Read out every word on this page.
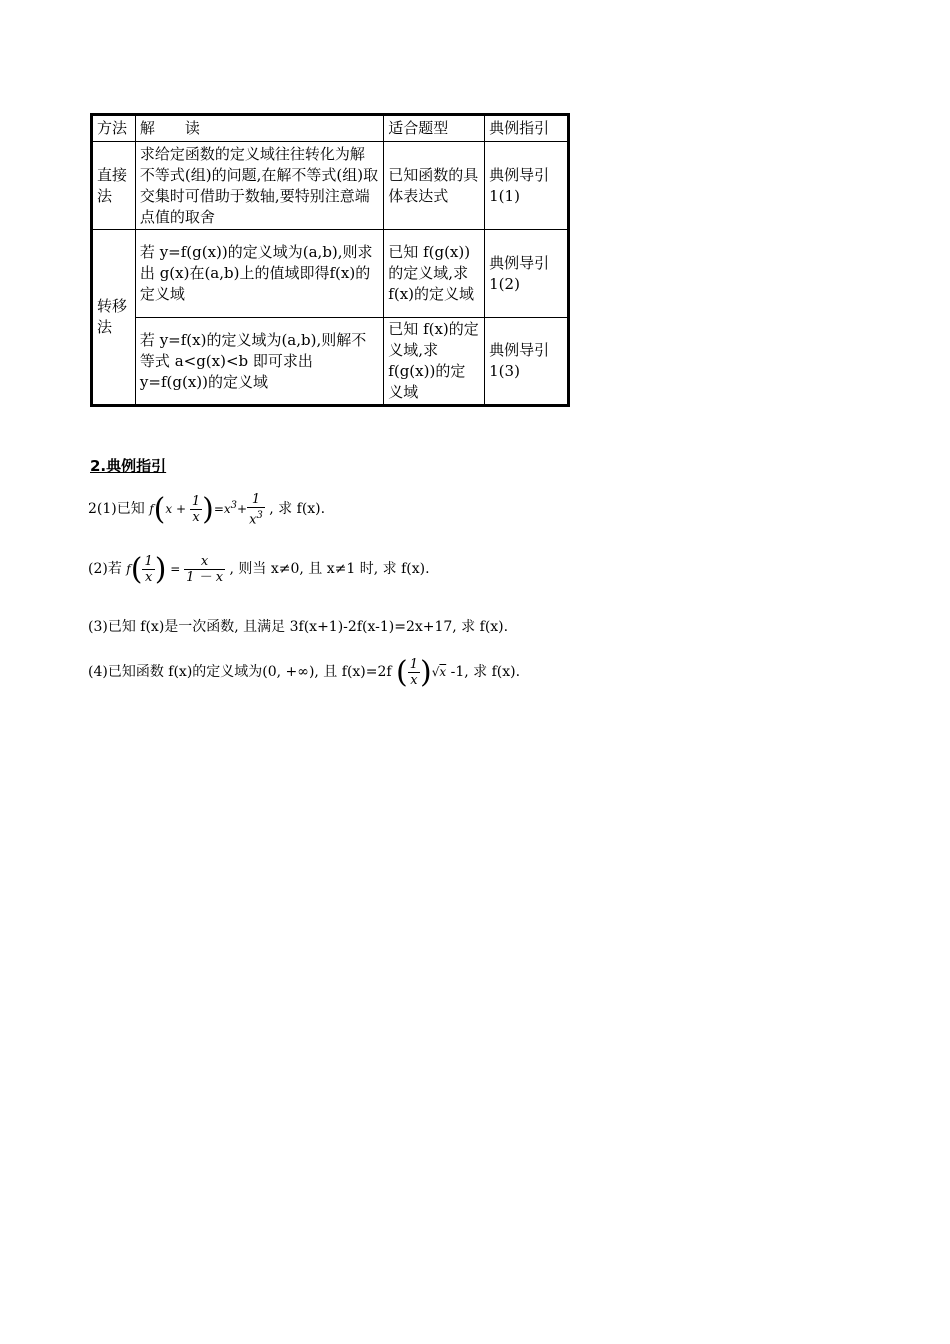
方法	解　　读	适合题型	典例指引
直接法	求给定函数的定义域往往转化为解不等式(组)的问题,在解不等式(组)取交集时可借助于数轴,要特别注意端点值的取舍	已知函数的具体表达式	典例导引1(1)
转移法	若 y=f(g(x))的定义域为(a,b),则求出 g(x)在(a,b)上的值域即得f(x)的定义域	已知 f(g(x))的定义域,求 f(x)的定义域	典例导引1(2)
	若 y=f(x)的定义域为(a,b),则解不等式 a<g(x)<b 即可求出y=f(g(x))的定义域	已知 f(x)的定义域,求f(g(x))的定义域	典例导引1(3)
2.典例指引
2(1)已知 $f(x + \frac{1}{x} )=x^3+ \frac{1}{x^3}$ , 求 f(x).
(2)若 $f( \frac{1}{x}$ ) = $\frac{x}{1 - x}$ , 则当 x≠0, 且 x≠1 时, 求 f(x).
(3)已知 f(x)是一次函数, 且满足 3f(x+1)-2f(x-1)=2x+17, 求 f(x).
(4)已知函数 f(x)的定义域为(0, +∞), 且 f(x)=2f ( $\frac{1}{x} )√x$ -1, 求 f(x).
